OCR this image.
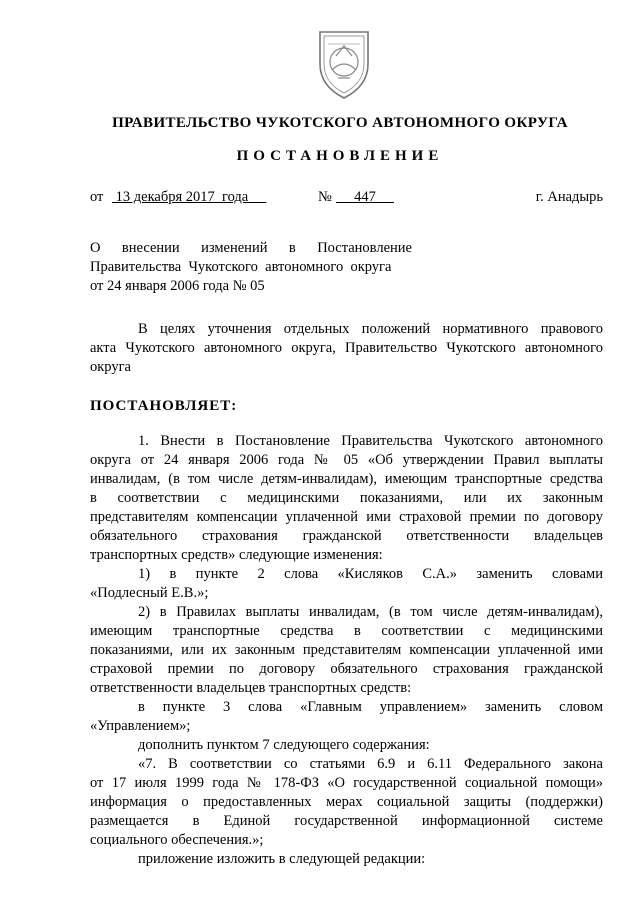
ПРАВИТЕЛЬСТВО ЧУКОТСКОГО АВТОНОМНОГО ОКРУГА
ПОСТАНОВЛЕНИЕ
от 13 декабря 2017  года	№ 447	г. Анадырь
О внесении изменений в Постановление
Правительства  Чукотского  автономного  округа
от 24 января 2006 года № 05
В целях уточнения отдельных положений нормативного правового
акта Чукотского автономного округа, Правительство Чукотского автономного
округа
ПОСТАНОВЛЯЕТ:
1. Внести в Постановление Правительства Чукотского автономного
округа от 24 января 2006 года № 05 «Об утверждении Правил выплаты
инвалидам, (в том числе детям-инвалидам), имеющим транспортные средства
в соответствии с медицинскими показаниями, или их законным
представителям компенсации уплаченной ими страховой премии по договору
обязательного страхования гражданской ответственности владельцев
транспортных средств» следующие изменения:
1) в пункте 2 слова «Кисляков С.А.» заменить словами
«Подлесный Е.В.»;
2) в Правилах выплаты инвалидам, (в том числе детям-инвалидам),
имеющим транспортные средства в соответствии с медицинскими
показаниями, или их законным представителям компенсации уплаченной ими
страховой премии по договору обязательного страхования гражданской
ответственности владельцев транспортных средств:
в пункте 3 слова «Главным управлением» заменить словом
«Управлением»;
дополнить пунктом 7 следующего содержания:
«7. В соответствии со статьями 6.9 и 6.11 Федерального закона
от 17 июля 1999 года № 178-ФЗ «О государственной социальной помощи»
информация о предоставленных мерах социальной защиты (поддержки)
размещается в Единой государственной информационной системе
социального обеспечения.»;
приложение изложить в следующей редакции:
